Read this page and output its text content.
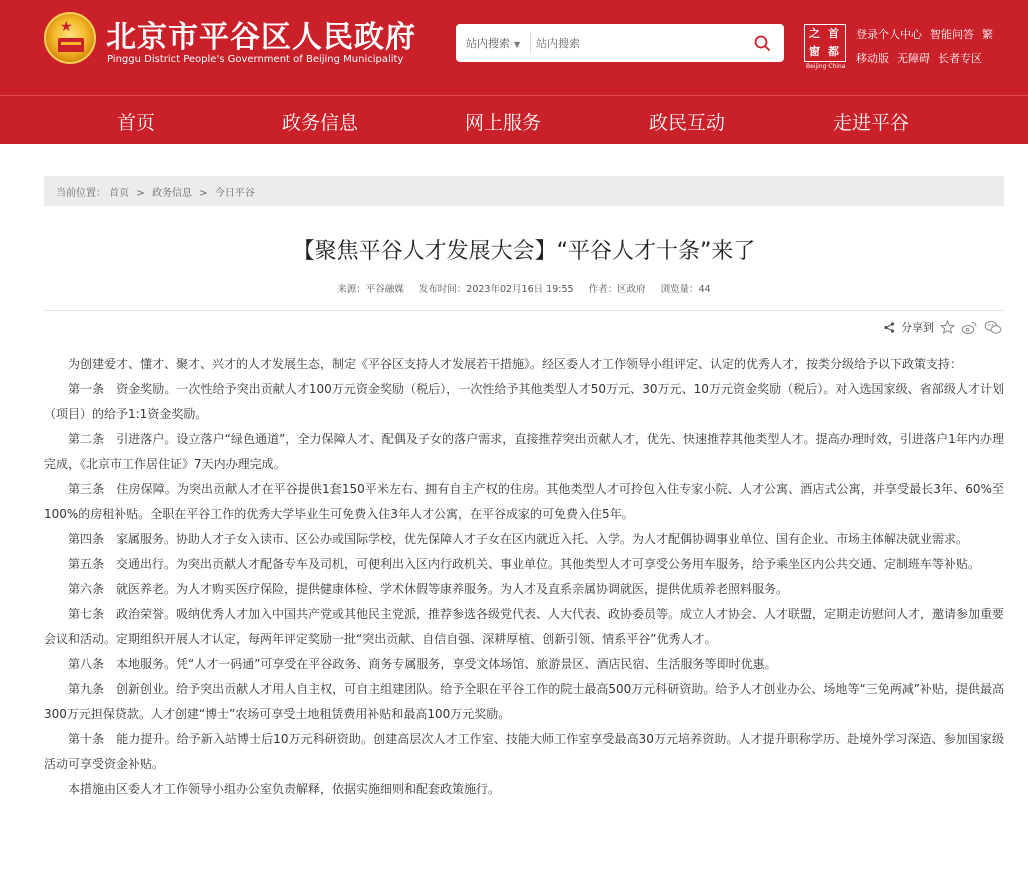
★ 北京市平谷区人民政府
Pinggu District People's Government of Beijing Municipality
站内搜索 ▼
站内搜索
之 首
窗 都
Beijing·China
登录个人中心 智能问答 繁
移动版 无障碍 长者专区
首页	政务信息	网上服务	政民互动	走进平谷
当前位置： 首页 > 政务信息 > 今日平谷
【聚焦平谷人才发展大会】“平谷人才十条”来了
来源：平谷融媒 发布时间：2023年02月16日 19:55 作者：区政府 浏览量：44
分享到

为创建爱才、懂才、聚才、兴才的人才发展生态，制定《平谷区支持人才发展若干措施》。经区委人才工作领导小组评定、认定的优秀人才，按类分级给予以下政策支持：

第一条　资金奖励。一次性给予突出贡献人才100万元资金奖励（税后），一次性给予其他类型人才50万元、30万元、10万元资金奖励（税后）。对入选国家级、省部级人才计划（项目）的给予1:1资金奖励。

第二条　引进落户。设立落户“绿色通道”，全力保障人才、配偶及子女的落户需求，直接推荐突出贡献人才，优先、快速推荐其他类型人才。提高办理时效，引进落户1年内办理完成，《北京市工作居住证》7天内办理完成。

第三条　住房保障。为突出贡献人才在平谷提供1套150平米左右、拥有自主产权的住房。其他类型人才可拎包入住专家小院、人才公寓、酒店式公寓，并享受最长3年、60%至100%的房租补贴。全职在平谷工作的优秀大学毕业生可免费入住3年人才公寓，在平谷成家的可免费入住5年。

第四条　家属服务。协助人才子女入读市、区公办或国际学校，优先保障人才子女在区内就近入托、入学。为人才配偶协调事业单位、国有企业、市场主体解决就业需求。

第五条　交通出行。为突出贡献人才配备专车及司机，可便利出入区内行政机关、事业单位。其他类型人才可享受公务用车服务，给予乘坐区内公共交通、定制班车等补贴。

第六条　就医养老。为人才购买医疗保险，提供健康体检、学术休假等康养服务。为人才及直系亲属协调就医，提供优质养老照料服务。

第七条　政治荣誉。吸纳优秀人才加入中国共产党或其他民主党派，推荐参选各级党代表、人大代表、政协委员等。成立人才协会、人才联盟，定期走访慰问人才，邀请参加重要会议和活动。定期组织开展人才认定，每两年评定奖励一批“突出贡献、自信自强、深耕厚植、创新引领、情系平谷”优秀人才。

第八条　本地服务。凭“人才一码通”可享受在平谷政务、商务专属服务，享受文体场馆、旅游景区、酒店民宿、生活服务等即时优惠。

第九条　创新创业。给予突出贡献人才用人自主权，可自主组建团队。给予全职在平谷工作的院士最高500万元科研资助。给予人才创业办公、场地等“三免两减”补贴，提供最高300万元担保贷款。人才创建“博士”农场可享受土地租赁费用补贴和最高100万元奖励。

第十条　能力提升。给予新入站博士后10万元科研资助。创建高层次人才工作室、技能大师工作室享受最高30万元培养资助。人才提升职称学历、赴境外学习深造、参加国家级活动可享受资金补贴。

本措施由区委人才工作领导小组办公室负责解释，依据实施细则和配套政策施行。
